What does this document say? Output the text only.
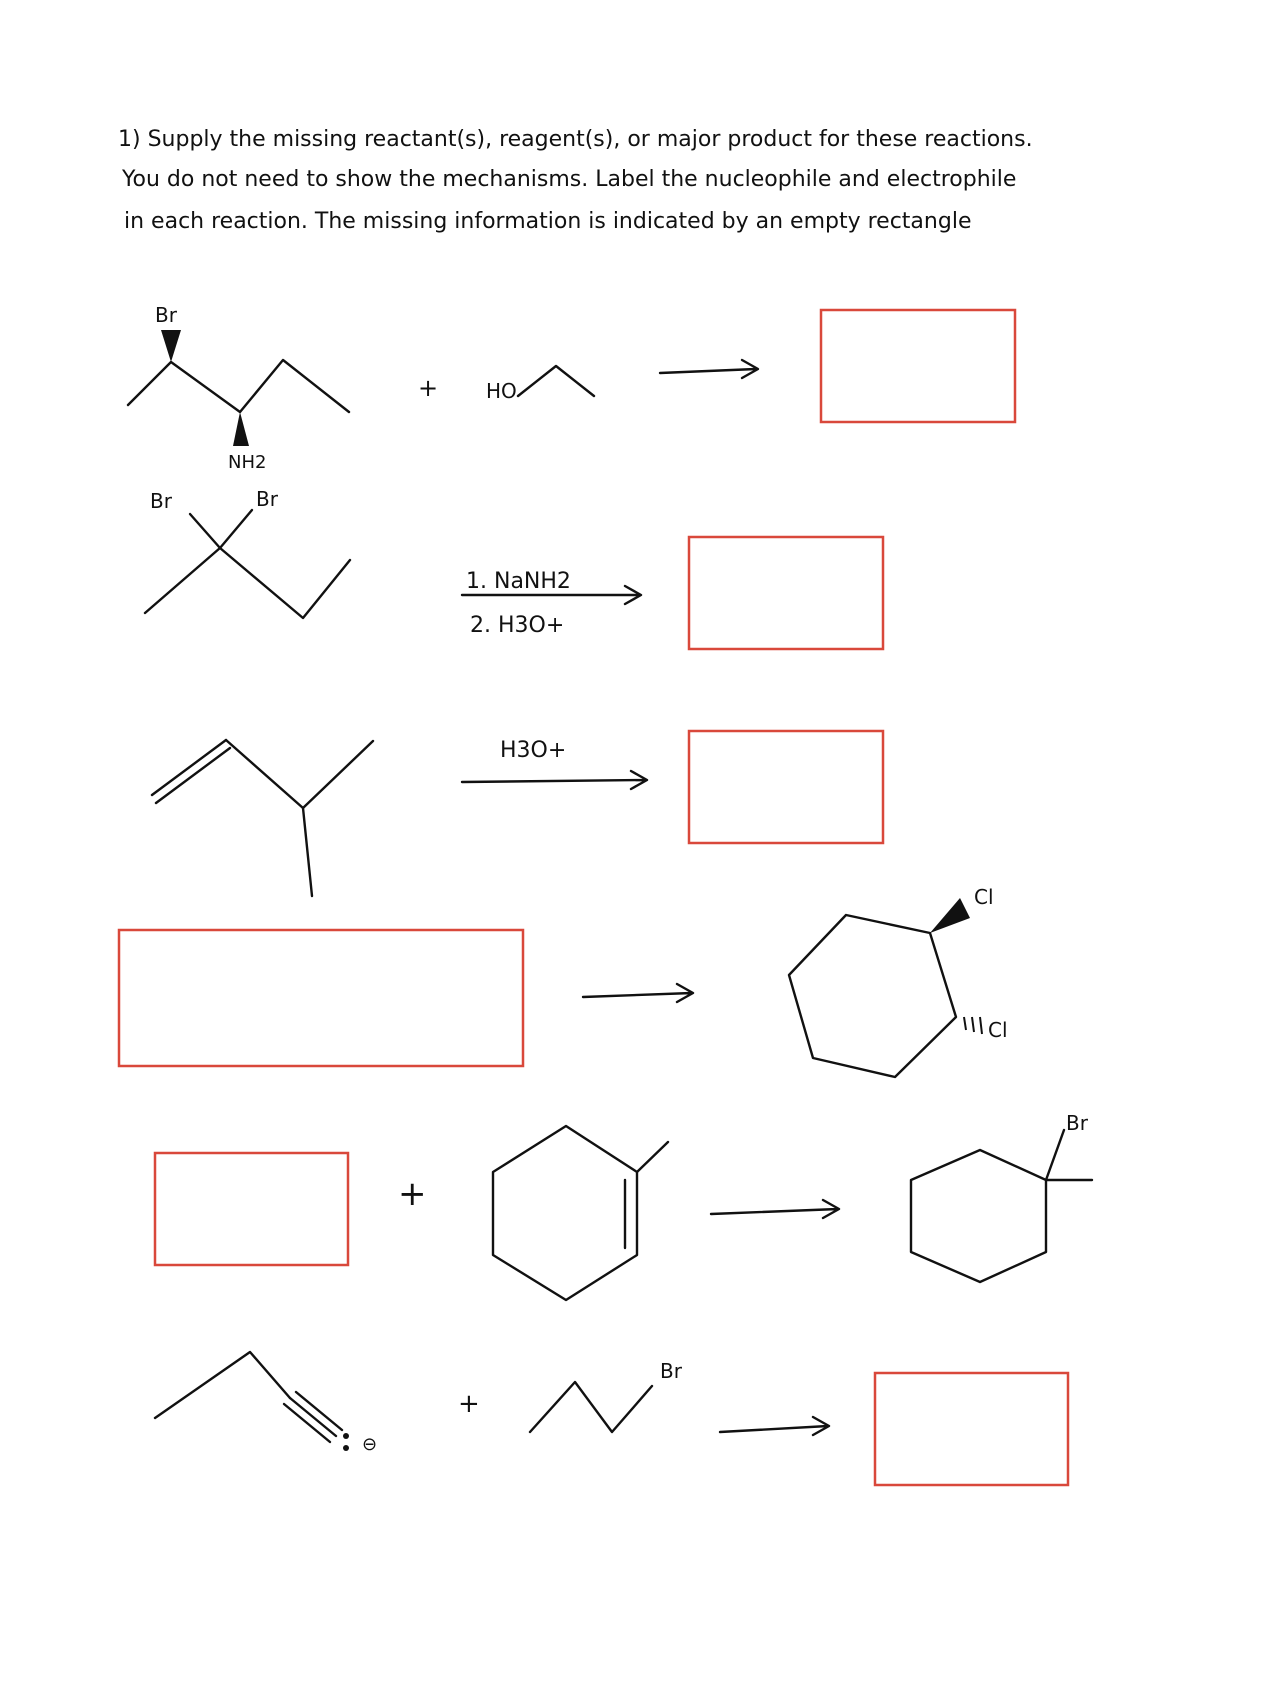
1) Supply the missing reactant(s), reagent(s), or major product for these reactions.
You do not need to show the mechanisms. Label the nucleophile and electrophile
in each reaction. The missing information is indicated by an empty rectangle
Br
NH2
+ HO
Br	Br
1. NaNH2
2. H3O+
H3O+
Cl
Cl
+
Br
⊖
+
Br
